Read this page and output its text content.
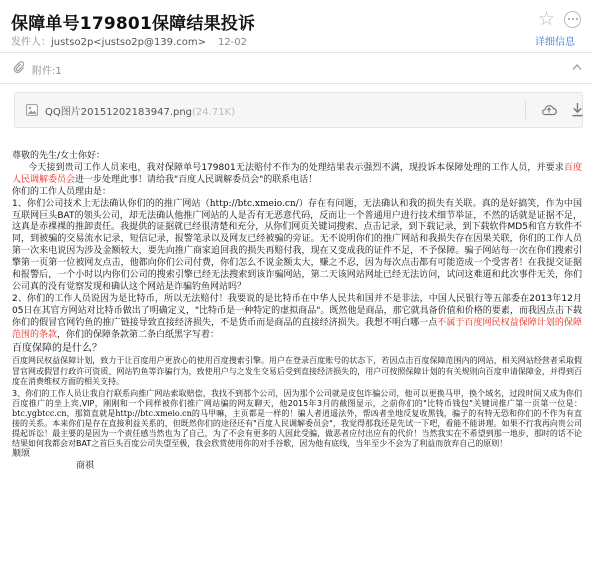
保障单号179801保障结果投诉
发件人：justso2p<justso2p@139.com> 12-02
☆
详细信息
附件:1
QQ图片20151202183947.png(24.71K)

尊敬的先生/女士你好：

今天接到贵司工作人员来电，我对保障单号179801无法赔付不作为的处理结果表示强烈不满，现投诉本保障处理的工作人员，并要求百度人民调解委员会进一步处理此事！请给我"百度人民调解委员会"的联系电话！

你们的工作人员理由是：

1、你们公司技术上无法确认你们的的推广网站（http://btc.xmeio.cn/）存在有问题，无法确认和我的损失有关联。真的是好搞笑，作为中国互联网巨头BAT的领头公司，却无法确认他推广网站的人是否有无恶意代码，反而让一个普通用户进行技术细节举证，不然的话就是证据不足，这真是赤裸裸的推卸责任。我提供的证据就已经很清楚和充分，从你们网页关键词搜索、点击记录，到下载记录，到下载软件MD5和官方软件不同，到被骗的交易流水记录，短信记录，报警笔录以及网友已经被骗的旁证。无不说明你们的推广网站和我损失存在因果关联，你们的工作人员第一次来电说因为涉及金额较大，要先向推广商家追回我的损失再赔付我，现在又变成我的证件不足，不予保障。骗子网站每一次在你们搜索引擎第一页第一位被网友点击，他都向你们公司付费，你们怎么不说金额太大，赚之不忍，因为每次点击都有可能造成一个受害者！在我提交证据和报警后，一个小时以内你们公司的搜索引擎已经无法搜索到该诈骗网站，第二天该网站网址已经无法访问，试问这难道和此次事件无关，你们公司真的没有觉察发现和确认这个网站是诈骗钓鱼网站吗？

2、你们的工作人员说因为是比特币，所以无法赔付！我要说的是比特币在中华人民共和国并不是非法，中国人民银行等五部委在2013年12月05日在其官方网站对比特币做出了明确定义，"比特币是一种特定的虚拟商品"。既然他是商品，那它就具备价值和价格的要素，而我因点击下载你们的假冒官网钓鱼的推广链接导致直接经济损失，不是货币而是商品的直接经济损失。我想不明白哪一点不属于百度网民权益保障计划的保障范围的条款，你们的保障条款第二条白纸黑字写着：

百度保障的是什么？

百度网民权益保障计划，致力于让百度用户更放心的使用百度搜索引擎。用户在登录百度账号的状态下，若因点击百度保障范围内的网站，相关网站经营者采取假冒官网或假冒行政许可资质、网站钓鱼等诈骗行为，致使用户与之发生交易后受到直接经济损失的，用户可按照保障计划的有关规则向百度申请保障金，并得到百度在消费维权方面的相关支持。

3、你们的工作人员让我自行联系向推广网站索取赔偿，我找不到那个公司，因为那个公司就是皮包诈骗公司，他可以更换马甲，换个域名，过段时间又成为你们百度推广的坐上宾,VIP，刚刚和一个同样被你们推广网站骗的网友聊天，他2015年3月的截图显示，之前你们的"比特币钱包"关键词推广第一页第一位是：btc.ygbtcc.cn，那简直就是http://btc.xmeio.cn的马甲嘛，主页都是一样的！骗人者逍遥法外，帮凶者坐地反复收黑钱，骗子的有特无恐和你们的不作为有直接的关系。本来你们是存在直接利益关系的，但既然你们的途径还有"百度人民调解委员会"，我觉得那我还是先试一下吧，看能不能讲理。如果不行我再向贵公司提起诉讼！最主要的是因为一个责任感当然也为了自己，为了不会有更多的人因此受骗，做恶者应付出应有的代价！当然我实在不希望到那一地步，那时的话不论结果如何我都会对BAT之首巨头百度公司失望至极，我会欣赏使用你的对手谷歌，因为他有底线，当年至少不会为了利益而放弃自己的原则！

顺颂

商祺
